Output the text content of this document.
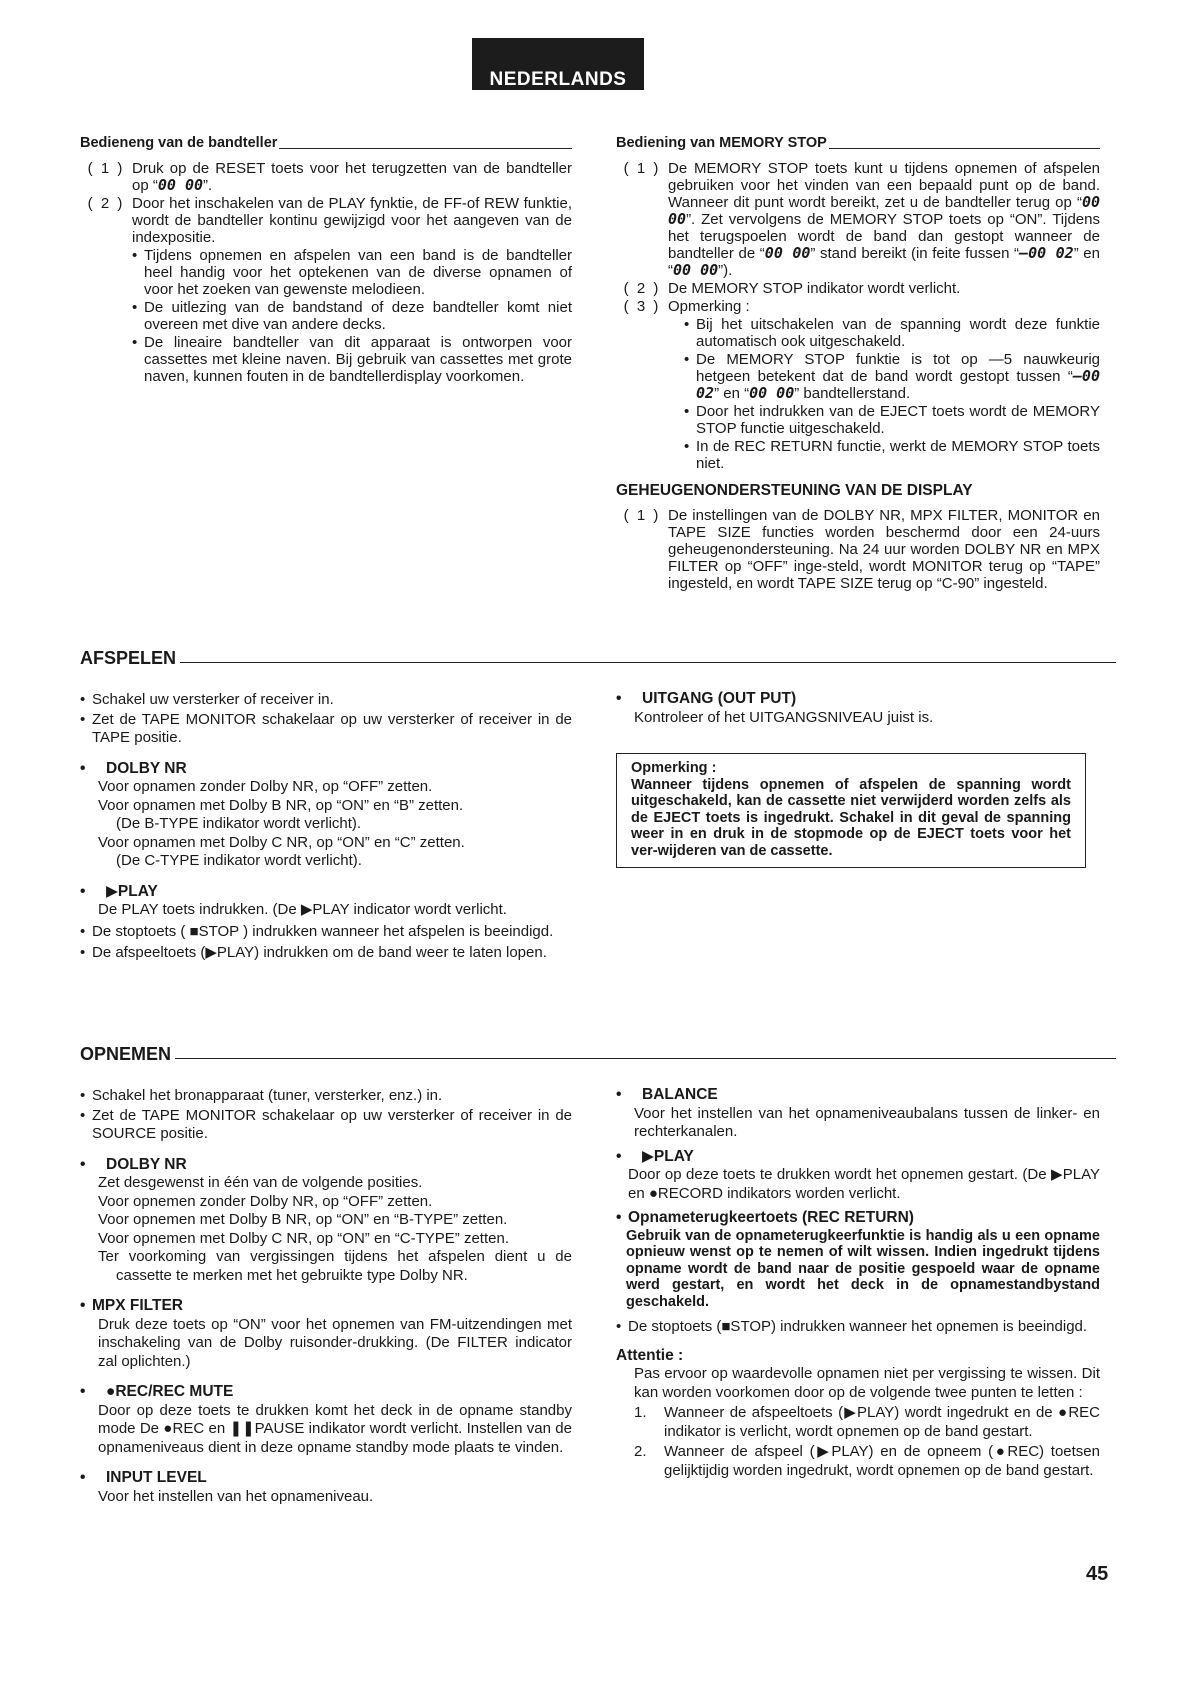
NEDERLANDS
Bedieneng van de bandteller
( 1 ) Druk op de RESET toets voor het terugzetten van de bandteller op “00 00”.
( 2 ) Door het inschakelen van de PLAY fynktie, de FF-of REW funktie, wordt de bandteller kontinu gewijzigd voor het aangeven van de indexpositie.
• Tijdens opnemen en afspelen van een band is de bandteller heel handig voor het optekenen van de diverse opnamen of voor het zoeken van gewenste melodieen.
• De uitlezing van de bandstand of deze bandteller komt niet overeen met dive van andere decks.
• De lineaire bandteller van dit apparaat is ontworpen voor cassettes met kleine naven. Bij gebruik van cassettes met grote naven, kunnen fouten in de bandtellerdisplay voorkomen.
Bediening van MEMORY STOP
( 1 ) De MEMORY STOP toets kunt u tijdens opnemen of afspelen gebruiken voor het vinden van een bepaald punt op de band. Wanneer dit punt wordt bereikt, zet u de bandteller terug op “00 00”. Zet vervolgens de MEMORY STOP toets op “ON”. Tijdens het terugspoelen wordt de band dan gestopt wanneer de bandteller de “00 00” stand bereikt (in feite fussen “—00 02” en “00 00”).
( 2 ) De MEMORY STOP indikator wordt verlicht.
( 3 ) Opmerking :
• Bij het uitschakelen van de spanning wordt deze funktie automatisch ook uitgeschakeld.
• De MEMORY STOP funktie is tot op —5 nauwkeurig hetgeen betekent dat de band wordt gestopt tussen “—00 02” en “00 00” bandtellerstand.
• Door het indrukken van de EJECT toets wordt de MEMORY STOP functie uitgeschakeld.
• In de REC RETURN functie, werkt de MEMORY STOP toets niet.
GEHEUGENONDERSTEUNING VAN DE DISPLAY
( 1 ) De instellingen van de DOLBY NR, MPX FILTER, MONITOR en TAPE SIZE functies worden beschermd door een 24-uurs geheugenondersteuning. Na 24 uur worden DOLBY NR en MPX FILTER op “OFF” inge-steld, wordt MONITOR terug op “TAPE” ingesteld, en wordt TAPE SIZE terug op “C-90” ingesteld.
AFSPELEN
• Schakel uw versterker of receiver in.
• Zet de TAPE MONITOR schakelaar op uw versterker of receiver in de TAPE positie.
•	DOLBY NR
Voor opnamen zonder Dolby NR, op “OFF” zetten.
Voor opnamen met Dolby B NR, op “ON” en “B” zetten.
(De B-TYPE indikator wordt verlicht).
Voor opnamen met Dolby C NR, op “ON” en “C” zetten.
(De C-TYPE indikator wordt verlicht).
•	▶PLAY
De PLAY toets indrukken. (De ▶PLAY indicator wordt verlicht.
• De stoptoets ( ■STOP ) indrukken wanneer het afspelen is beeindigd.
• De afspeeltoets (▶PLAY) indrukken om de band weer te laten lopen.
•	UITGANG (OUT PUT)
Kontroleer of het UITGANGSNIVEAU juist is.
Opmerking :
Wanneer tijdens opnemen of afspelen de spanning wordt uitgeschakeld, kan de cassette niet verwijderd worden zelfs als de EJECT toets is ingedrukt. Schakel in dit geval de spanning weer in en druk in de stopmode op de EJECT toets voor het ver-wijderen van de cassette.
OPNEMEN
• Schakel het bronapparaat (tuner, versterker, enz.) in.
• Zet de TAPE MONITOR schakelaar op uw versterker of receiver in de SOURCE positie.
•	DOLBY NR
Zet desgewenst in één van de volgende posities.
Voor opnemen zonder Dolby NR, op “OFF” zetten.
Voor opnemen met Dolby B NR, op “ON” en “B-TYPE” zetten.
Voor opnemen met Dolby C NR, op “ON” en “C-TYPE” zetten.
Ter voorkoming van vergissingen tijdens het afspelen dient u de cassette te merken met het gebruikte type Dolby NR.
• MPX FILTER
Druk deze toets op “ON” voor het opnemen van FM-uitzendingen met inschakeling van de Dolby ruisonder-drukking. (De FILTER indicator zal oplichten.)
•	●REC/REC MUTE
Door op deze toets te drukken komt het deck in de opname standby mode De ●REC en ❚❚PAUSE indikator wordt verlicht. Instellen van de opnameniveaus dient in deze opname standby mode plaats te vinden.
•	INPUT LEVEL
Voor het instellen van het opnameniveau.
•	BALANCE
Voor het instellen van het opnameniveaubalans tussen de linker- en rechterkanalen.
•	▶PLAY
Door op deze toets te drukken wordt het opnemen gestart. (De ▶PLAY en ●RECORD indikators worden verlicht.
• Opnameterugkeertoets (REC RETURN)
Gebruik van de opnameterugkeerfunktie is handig als u een opname opnieuw wenst op te nemen of wilt wissen. Indien ingedrukt tijdens opname wordt de band naar de positie gespoeld waar de opname werd gestart, en wordt het deck in de opnamestandbystand geschakeld.
• De stoptoets (■STOP) indrukken wanneer het opnemen is beeindigd.
Attentie :
Pas ervoor op waardevolle opnamen niet per vergissing te wissen. Dit kan worden voorkomen door op de volgende twee punten te letten :
1.	Wanneer de afspeeltoets (▶PLAY) wordt ingedrukt en de ●REC indikator is verlicht, wordt opnemen op de band gestart.
2.	Wanneer de afspeel (▶PLAY) en de opneem (●REC) toetsen gelijktijdig worden ingedrukt, wordt opnemen op de band gestart.
45
